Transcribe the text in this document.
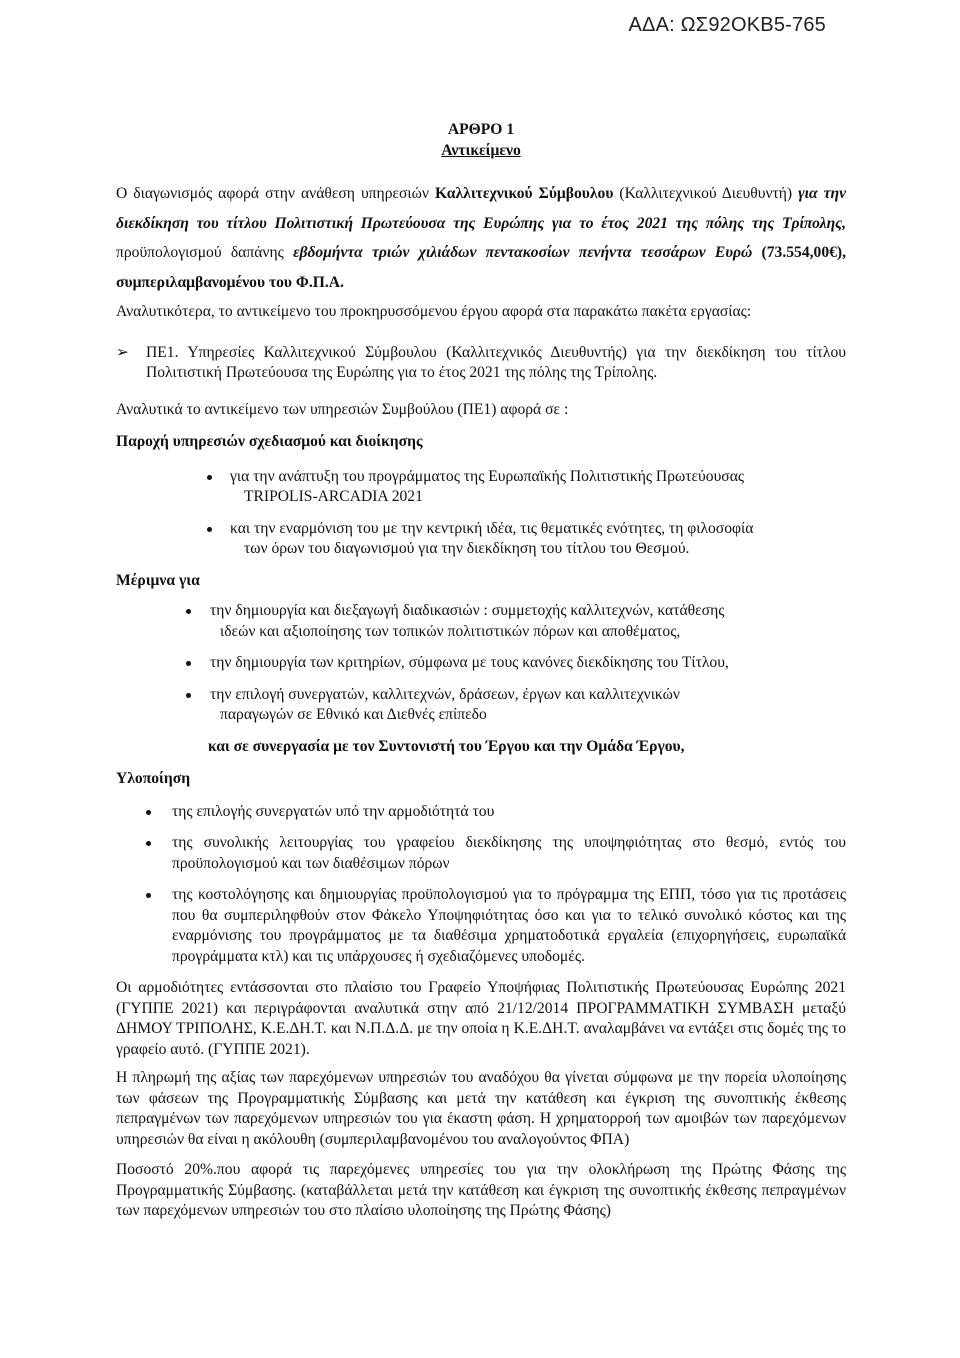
ΑΔΑ: ΩΣ92ΟΚΒ5-765

ΑΡΘΡΟ 1

Αντικείμενο

Ο διαγωνισμός αφορά στην ανάθεση υπηρεσιών Καλλιτεχνικού Σύμβουλου (Καλλιτεχνικού Διευθυντή) για την διεκδίκηση του τίτλου Πολιτιστική Πρωτεύουσα της Ευρώπης για το έτος 2021 της πόλης της Τρίπολης, προϋπολογισμού δαπάνης εβδομήντα τριών χιλιάδων πεντακοσίων πενήντα τεσσάρων Ευρώ (73.554,00€), συμπεριλαμβανομένου του Φ.Π.Α.

Αναλυτικότερα, το αντικείμενο του προκηρυσσόμενου έργου αφορά στα παρακάτω πακέτα εργασίας:

➢	ΠΕ1. Υπηρεσίες Καλλιτεχνικού Σύμβουλου (Καλλιτεχνικός Διευθυντής) για την διεκδίκηση του τίτλου Πολιτιστική Πρωτεύουσα της Ευρώπης για το έτος 2021 της πόλης της Τρίπολης.

Αναλυτικά το αντικείμενο των υπηρεσιών Συμβούλου (ΠΕ1) αφορά σε :

Παροχή υπηρεσιών σχεδιασμού και διοίκησης

για την ανάπτυξη του προγράμματος της Ευρωπαϊκής Πολιτιστικής Πρωτεύουσας
TRIPOLIS-ARCADIA 2021
και την εναρμόνιση του με την κεντρική ιδέα, τις θεματικές ενότητες, τη φιλοσοφία
των όρων του διαγωνισμού για την διεκδίκηση του τίτλου του Θεσμού.

Μέριμνα για

την δημιουργία και διεξαγωγή διαδικασιών : συμμετοχής καλλιτεχνών, κατάθεσης
ιδεών και αξιοποίησης των τοπικών πολιτιστικών πόρων και αποθέματος,
την δημιουργία των κριτηρίων, σύμφωνα με τους κανόνες διεκδίκησης του Τίτλου,
την επιλογή συνεργατών, καλλιτεχνών, δράσεων, έργων και καλλιτεχνικών
παραγωγών σε Εθνικό και Διεθνές επίπεδο

και σε συνεργασία με τον Συντονιστή του Έργου και την Ομάδα Έργου,

Υλοποίηση

της επιλογής συνεργατών υπό την αρμοδιότητά του
της συνολικής λειτουργίας του γραφείου διεκδίκησης της υποψηφιότητας στο θεσμό, εντός του προϋπολογισμού και των διαθέσιμων πόρων
της κοστολόγησης και δημιουργίας προϋπολογισμού για το πρόγραμμα της ΕΠΠ, τόσο για τις προτάσεις που θα συμπεριληφθούν στον Φάκελο Υποψηφιότητας όσο και για το τελικό συνολικό κόστος και της εναρμόνισης του προγράμματος με τα διαθέσιμα χρηματοδοτικά εργαλεία (επιχορηγήσεις, ευρωπαϊκά προγράμματα κτλ) και τις υπάρχουσες ή σχεδιαζόμενες υποδομές.

Οι αρμοδιότητες εντάσσονται στο πλαίσιο του Γραφείο Υποψήφιας Πολιτιστικής Πρωτεύουσας Ευρώπης 2021 (ΓΥΠΠΕ 2021) και περιγράφονται αναλυτικά στην από 21/12/2014 ΠΡΟΓΡΑΜΜΑΤΙΚΗ ΣΥΜΒΑΣΗ μεταξύ ΔΗΜΟΥ ΤΡΙΠΟΛΗΣ, Κ.Ε.ΔΗ.Τ. και Ν.Π.Δ.Δ. με την οποία η Κ.Ε.ΔΗ.Τ. αναλαμβάνει να εντάξει στις δομές της το γραφείο αυτό. (ΓΥΠΠΕ 2021).

Η πληρωμή της αξίας των παρεχόμενων υπηρεσιών του αναδόχου θα γίνεται σύμφωνα με την πορεία υλοποίησης των φάσεων της Προγραμματικής Σύμβασης και μετά την κατάθεση και έγκριση της συνοπτικής έκθεσης πεπραγμένων των παρεχόμενων υπηρεσιών του για έκαστη φάση. Η χρηματορροή των αμοιβών των παρεχόμενων υπηρεσιών θα είναι η ακόλουθη (συμπεριλαμβανομένου του αναλογούντος ΦΠΑ)

Ποσοστό 20%.που αφορά τις παρεχόμενες υπηρεσίες του για την ολοκλήρωση της Πρώτης Φάσης της Προγραμματικής Σύμβασης. (καταβάλλεται μετά την κατάθεση και έγκριση της συνοπτικής έκθεσης πεπραγμένων των παρεχόμενων υπηρεσιών του στο πλαίσιο υλοποίησης της Πρώτης Φάσης)
